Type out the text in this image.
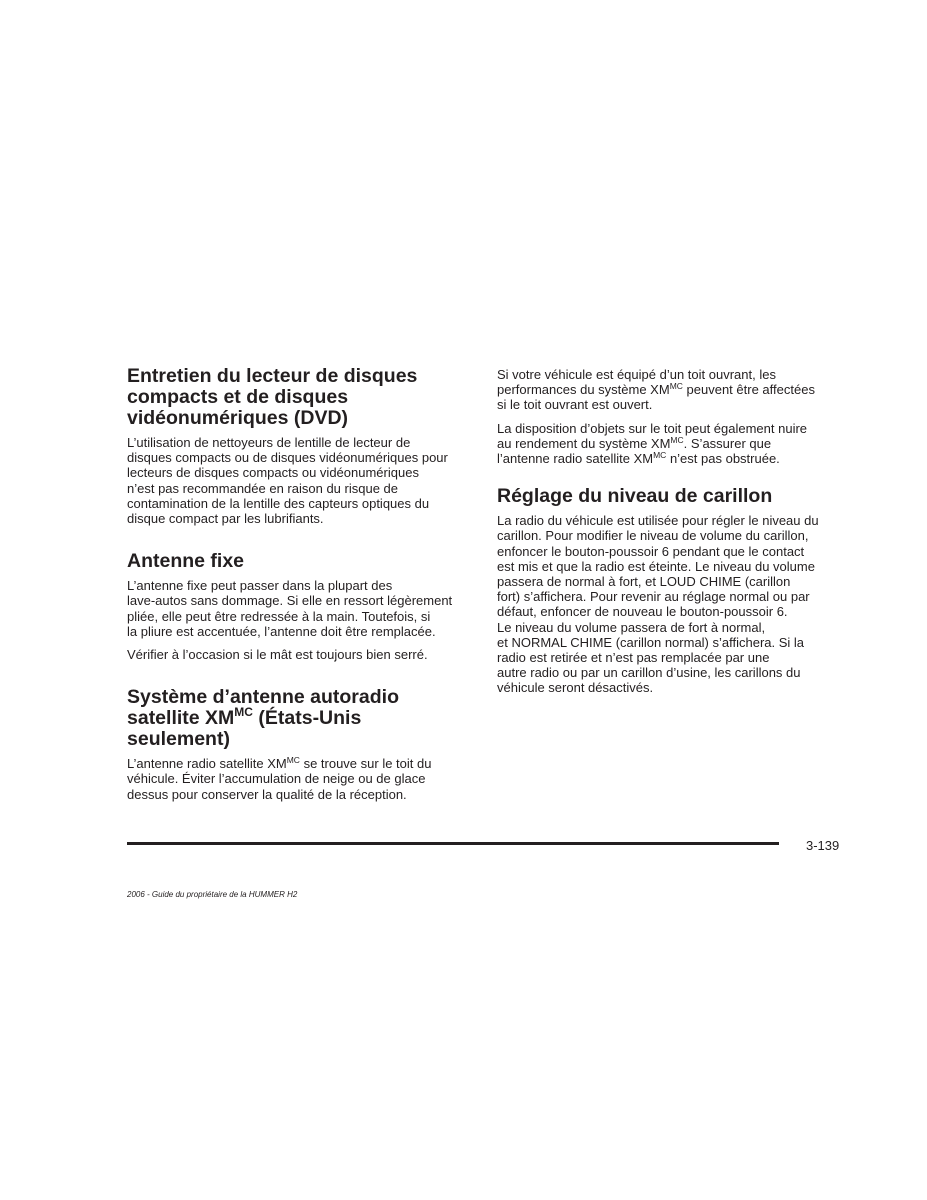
Entretien du lecteur de disques
compacts et de disques
vidéonumériques (DVD)

L’utilisation de nettoyeurs de lentille de lecteur de
disques compacts ou de disques vidéonumériques pour
lecteurs de disques compacts ou vidéonumériques
n’est pas recommandée en raison du risque de
contamination de la lentille des capteurs optiques du
disque compact par les lubrifiants.

Antenne fixe

L’antenne fixe peut passer dans la plupart des
lave-autos sans dommage. Si elle en ressort légèrement
pliée, elle peut être redressée à la main. Toutefois, si
la pliure est accentuée, l’antenne doit être remplacée.

Vérifier à l’occasion si le mât est toujours bien serré.

Système d’antenne autoradio
satellite $XM^{MC}$ (États-Unis
seulement)

L’antenne radio satellite $XM^{MC}$ se trouve sur le toit du
véhicule. Éviter l’accumulation de neige ou de glace
dessus pour conserver la qualité de la réception.

Si votre véhicule est équipé d’un toit ouvrant, les
performances du système $XM^{MC}$ peuvent être affectées
si le toit ouvrant est ouvert.

La disposition d’objets sur le toit peut également nuire
au rendement du système $XM^{MC}$. S’assurer que
l’antenne radio satellite $XM^{MC}$ n’est pas obstruée.

Réglage du niveau de carillon

La radio du véhicule est utilisée pour régler le niveau du
carillon. Pour modifier le niveau de volume du carillon,
enfoncer le bouton-poussoir 6 pendant que le contact
est mis et que la radio est éteinte. Le niveau du volume
passera de normal à fort, et LOUD CHIME (carillon
fort) s’affichera. Pour revenir au réglage normal ou par
défaut, enfoncer de nouveau le bouton-poussoir 6.
Le niveau du volume passera de fort à normal,
et NORMAL CHIME (carillon normal) s’affichera. Si la
radio est retirée et n’est pas remplacée par une
autre radio ou par un carillon d’usine, les carillons du
véhicule seront désactivés.

3-139
2006 - Guide du propriétaire de la HUMMER H2
